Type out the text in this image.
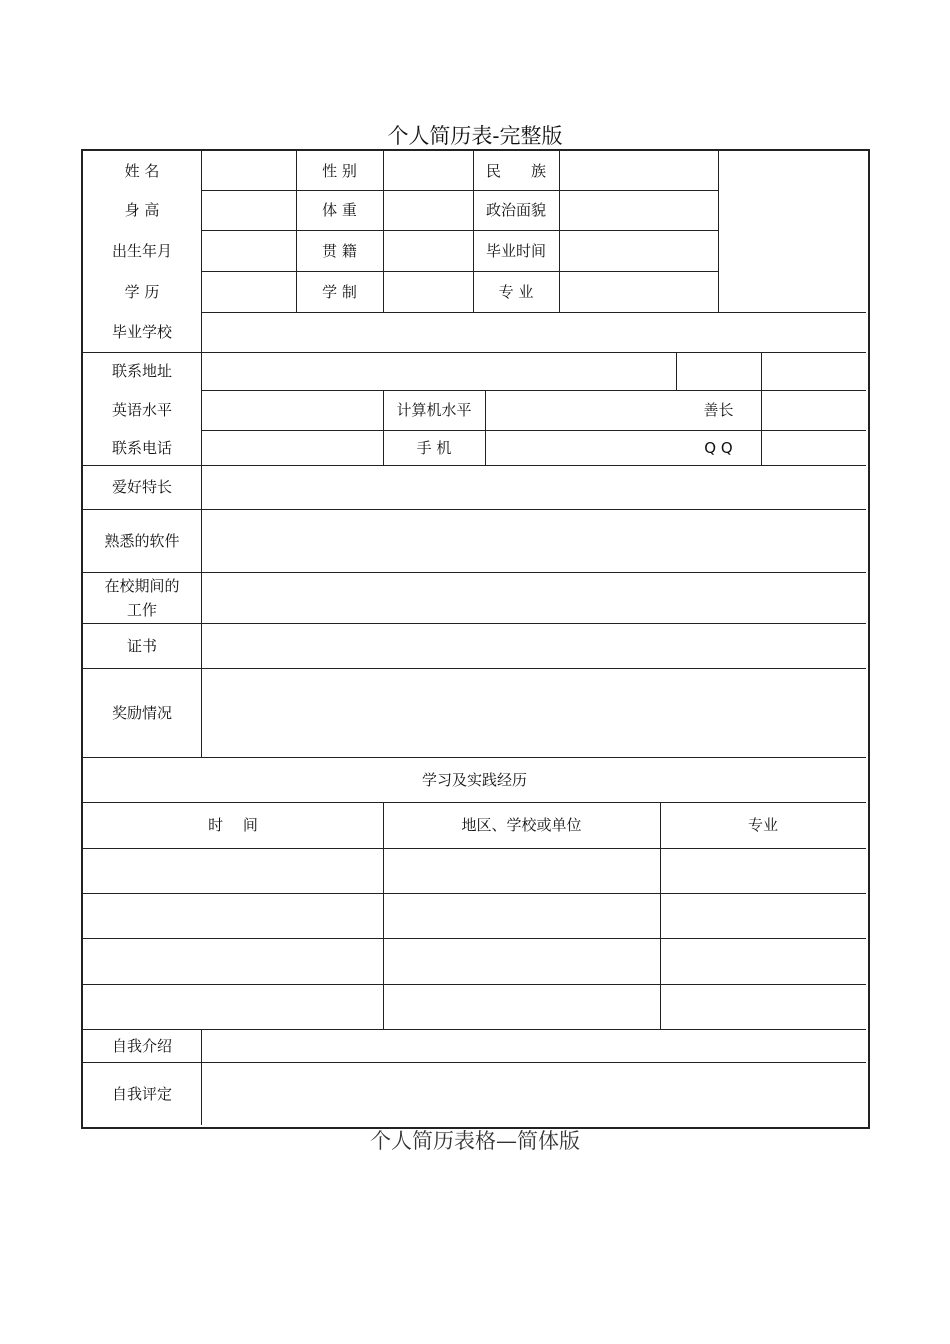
个人简历表-完整版
姓 名	性 别	民　　族
身 高	体 重	政治面貌
出生年月	贯 籍	毕业时间
学 历	学 制	专 业
毕业学校
联系地址
英语水平	计算机水平	善长
联系电话	手 机	Q Q
爱好特长
熟悉的软件
在校期间的工作
证书
奖励情况
学习及实践经历
时　 间	地区、学校或单位	专业
自我介绍
自我评定
个人简历表格—简体版
